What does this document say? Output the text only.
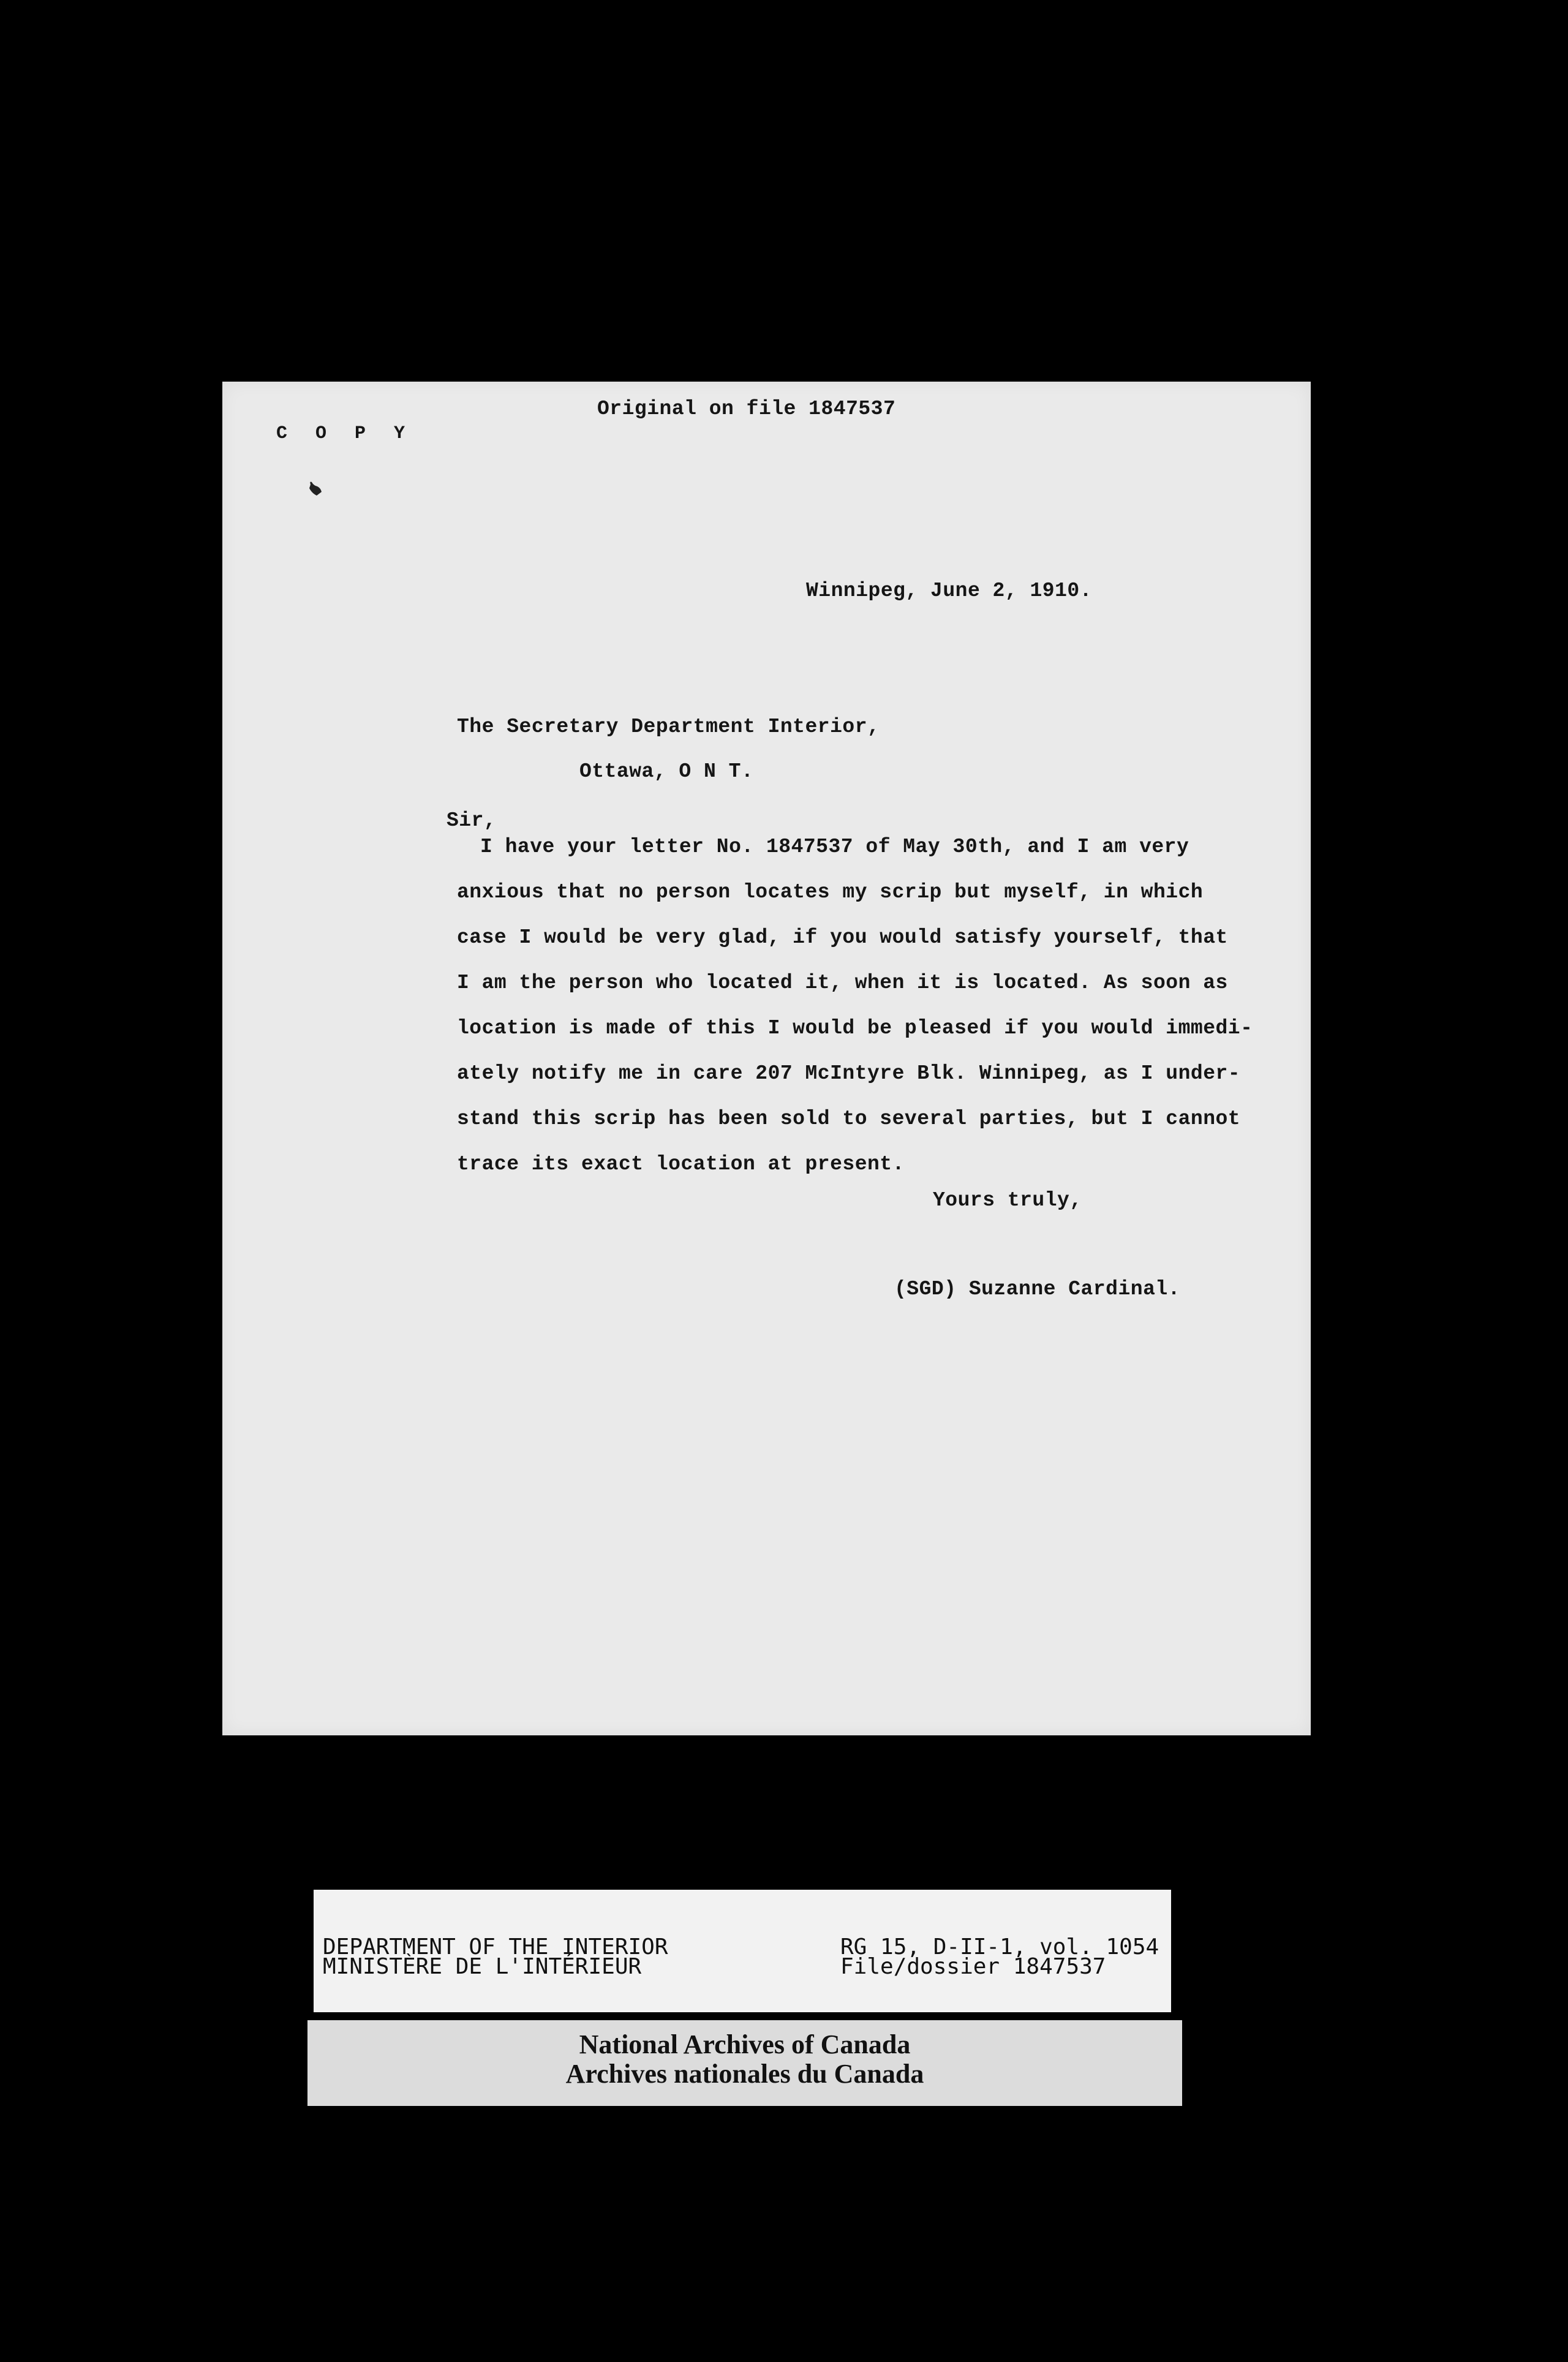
C O P Y
Original on file 1847537
Winnipeg, June 2, 1910.
The Secretary Department Interior,
Ottawa, O N T.
Sir,
I have your letter No. 1847537 of May 30th, and I am very
anxious that no person locates my scrip but myself, in which
case I would be very glad, if you would satisfy yourself, that
I am the person who located it, when it is located. As soon as
location is made of this I would be pleased if you would immedi-
ately notify me in care 207 McIntyre Blk. Winnipeg, as I under-
stand this scrip has been sold to several parties, but I cannot
trace its exact location at present.
Yours truly,
(SGD) Suzanne Cardinal.
DEPARTMENT OF THE INTERIOR
MINISTÈRE DE L'INTÉRIEUR
RG 15, D-II-1, vol. 1054
File/dossier 1847537
National Archives of Canada
Archives nationales du Canada
